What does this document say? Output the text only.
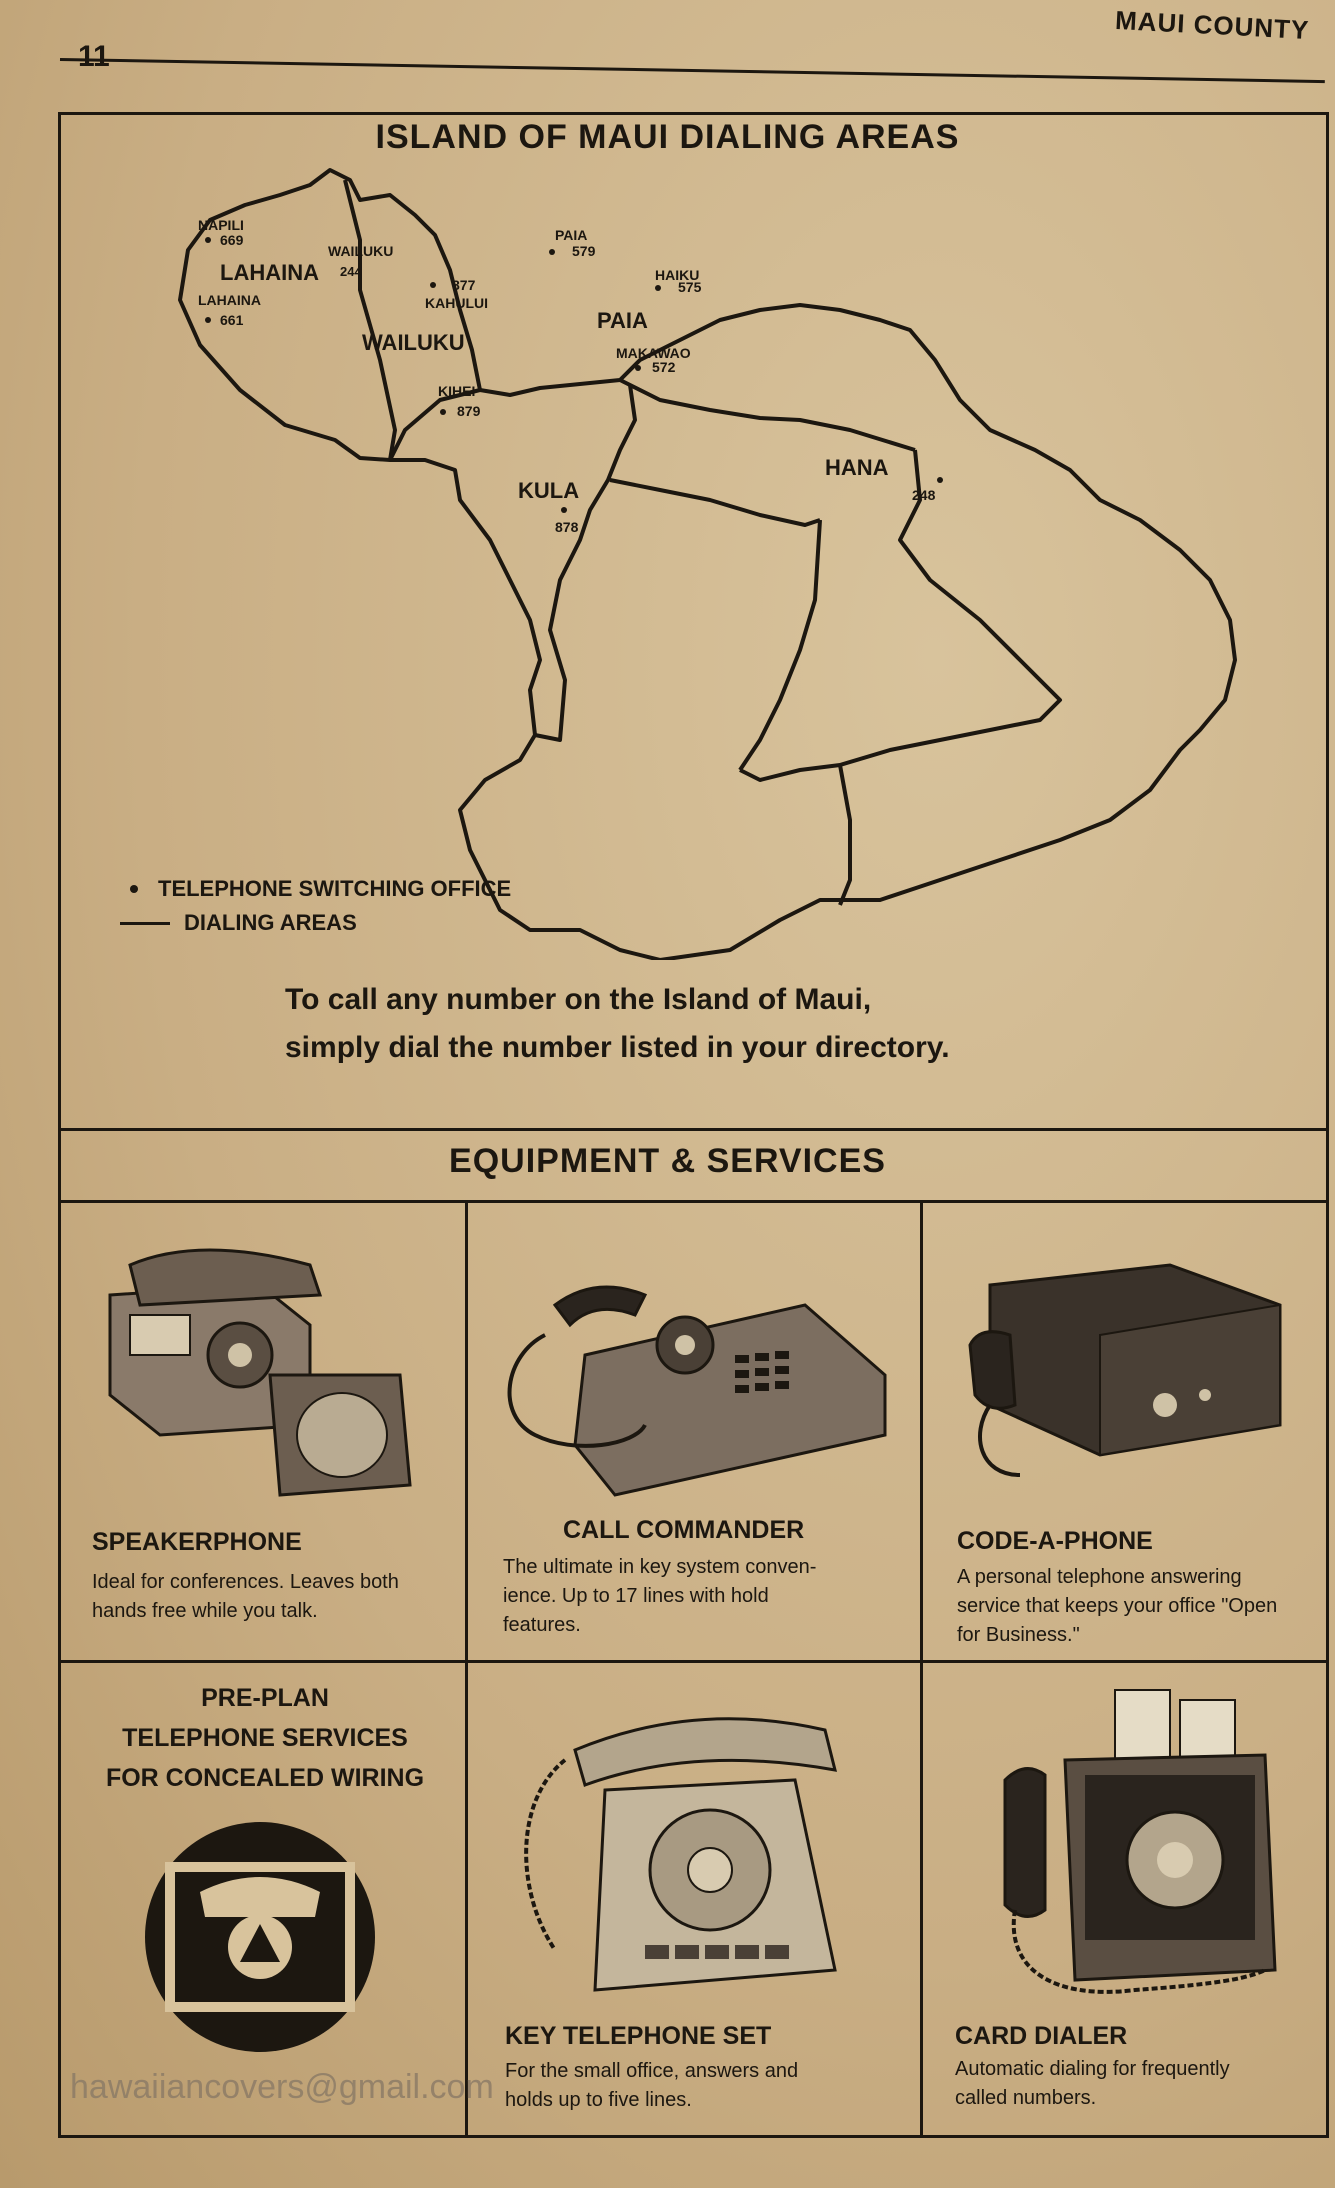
11
MAUI COUNTY
ISLAND OF MAUI DIALING AREAS
NAPILI
669
LAHAINA
LAHAINA
661
WAILUKU
244
WAILUKU
877
KAHULUI
KIHEI
879
PAIA
579
HAIKU
575
PAIA
MAKAWAO
572
KULA
878
HANA
248
TELEPHONE SWITCHING OFFICE
DIALING AREAS
To call any number on the Island of Maui,
simply dial the number listed in your directory.
EQUIPMENT & SERVICES
SPEAKERPHONE
Ideal for conferences. Leaves both
hands free while you talk.
CALL COMMANDER
The ultimate in key system conven-
ience. Up to 17 lines with hold
features.
CODE-A-PHONE
A personal telephone answering
service that keeps your office "Open
for Business."
PRE-PLAN
TELEPHONE SERVICES
FOR CONCEALED WIRING
KEY TELEPHONE SET
For the small office, answers and
holds up to five lines.
CARD DIALER
Automatic dialing for frequently
called numbers.
hawaiiancovers@gmail.com
